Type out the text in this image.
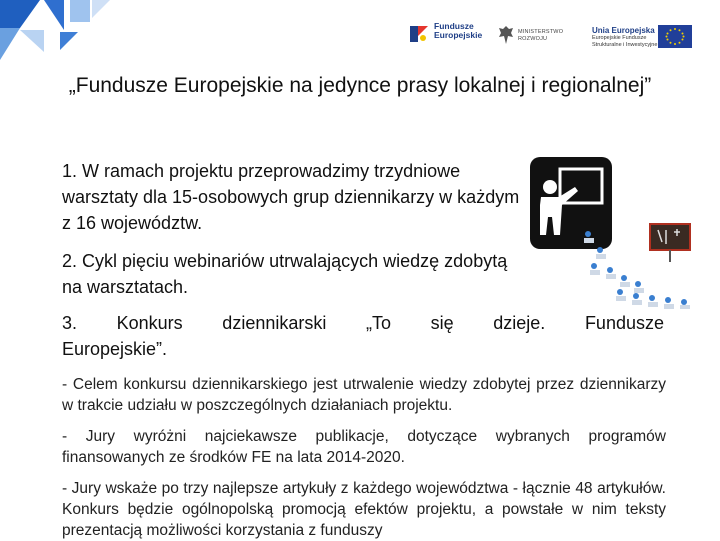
Fundusze
Europejskie	MINISTERSTWO
ROZWOJU
Unia Europejska
Europejskie Fundusze
Strukturalne i Inwestycyjne
„Fundusze Europejskie na jedynce prasy lokalnej i regionalnej”
1. W ramach projektu przeprowadzimy trzydniowe warsztaty dla 15-osobowych grup dziennikarzy w każdym z 16 województw.
2. Cykl pięciu webinariów utrwalających wiedzę zdobytą na warsztatach.
3. Konkurs dziennikarski „To się dzieje. Fundusze
Europejskie”.
- Celem konkursu dziennikarskiego jest utrwalenie wiedzy zdobytej przez dziennikarzy w trakcie udziału w poszczególnych działaniach projektu.
- Jury wyróżni najciekawsze publikacje, dotyczące wybranych programów finansowanych ze środków FE na lata 2014-2020.
- Jury wskaże po trzy najlepsze artykuły z każdego województwa - łącznie 48 artykułów. Konkurs będzie ogólnopolską promocją efektów projektu, a powstałe w nim teksty prezentacją możliwości korzystania z funduszy
